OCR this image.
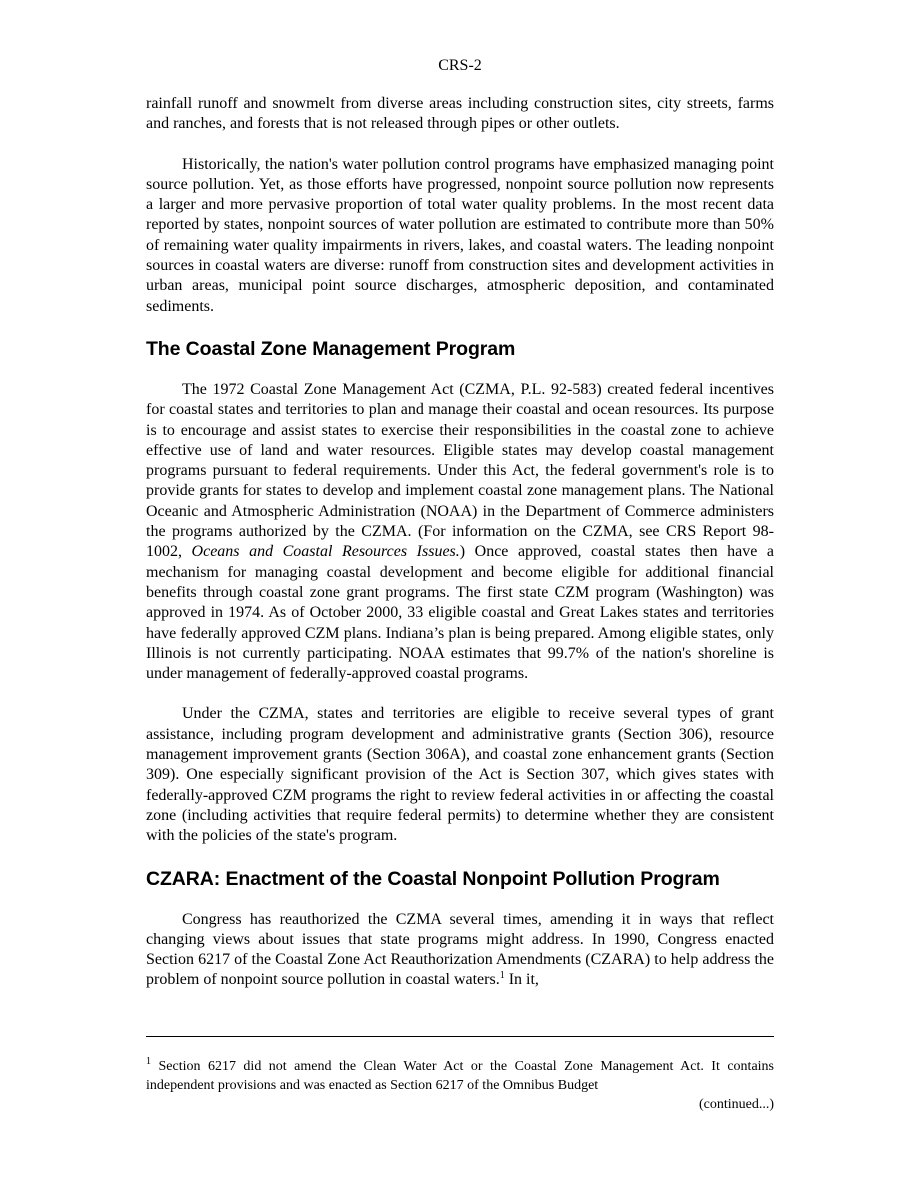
CRS-2

rainfall runoff and snowmelt from diverse areas including construction sites, city streets, farms and ranches, and forests that is not released through pipes or other outlets.

Historically, the nation's water pollution control programs have emphasized managing point source pollution. Yet, as those efforts have progressed, nonpoint source pollution now represents a larger and more pervasive proportion of total water quality problems. In the most recent data reported by states, nonpoint sources of water pollution are estimated to contribute more than 50% of remaining water quality impairments in rivers, lakes, and coastal waters. The leading nonpoint sources in coastal waters are diverse: runoff from construction sites and development activities in urban areas, municipal point source discharges, atmospheric deposition, and contaminated sediments.

The Coastal Zone Management Program

The 1972 Coastal Zone Management Act (CZMA, P.L. 92-583) created federal incentives for coastal states and territories to plan and manage their coastal and ocean resources. Its purpose is to encourage and assist states to exercise their responsibilities in the coastal zone to achieve effective use of land and water resources. Eligible states may develop coastal management programs pursuant to federal requirements. Under this Act, the federal government's role is to provide grants for states to develop and implement coastal zone management plans. The National Oceanic and Atmospheric Administration (NOAA) in the Department of Commerce administers the programs authorized by the CZMA. (For information on the CZMA, see CRS Report 98-1002, Oceans and Coastal Resources Issues.) Once approved, coastal states then have a mechanism for managing coastal development and become eligible for additional financial benefits through coastal zone grant programs. The first state CZM program (Washington) was approved in 1974. As of October 2000, 33 eligible coastal and Great Lakes states and territories have federally approved CZM plans. Indiana’s plan is being prepared. Among eligible states, only Illinois is not currently participating. NOAA estimates that 99.7% of the nation's shoreline is under management of federally-approved coastal programs.

Under the CZMA, states and territories are eligible to receive several types of grant assistance, including program development and administrative grants (Section 306), resource management improvement grants (Section 306A), and coastal zone enhancement grants (Section 309). One especially significant provision of the Act is Section 307, which gives states with federally-approved CZM programs the right to review federal activities in or affecting the coastal zone (including activities that require federal permits) to determine whether they are consistent with the policies of the state's program.

CZARA: Enactment of the Coastal Nonpoint Pollution Program

Congress has reauthorized the CZMA several times, amending it in ways that reflect changing views about issues that state programs might address. In 1990, Congress enacted Section 6217 of the Coastal Zone Act Reauthorization Amendments (CZARA) to help address the problem of nonpoint source pollution in coastal waters.$^1$ In it,

$^1$ Section 6217 did not amend the Clean Water Act or the Coastal Zone Management Act. It contains independent provisions and was enacted as Section 6217 of the Omnibus Budget
(continued...)
